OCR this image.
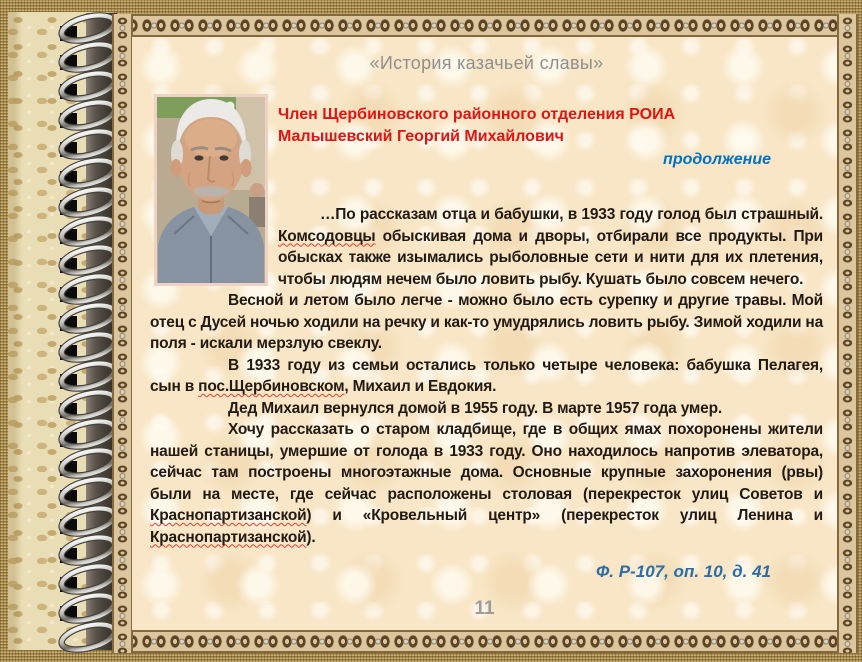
«История казачьей славы»
Член Щербиновского районного отделения РОИА
Малышевский Георгий Михайлович
продолжение

…По рассказам отца и бабушки, в 1933 году голод был страшный. Комсодовцы обыскивая дома и дворы, отбирали все продукты. При обысках также изымались рыболовные сети и нити для их плетения, чтобы людям нечем было ловить рыбу. Кушать было совсем нечего.

Весной и летом было легче - можно было есть сурепку и другие травы. Мой отец с Дусей ночью ходили на речку и как-то умудрялись ловить рыбу. Зимой ходили на поля - искали мерзлую свеклу.

В 1933 году из семьи остались только четыре человека: бабушка Пелагея, сын в пос.Щербиновском, Михаил и Евдокия.

Дед Михаил вернулся домой в 1955 году. В марте 1957 года умер.

Хочу рассказать о старом кладбище, где в общих ямах похоронены жители нашей станицы, умершие от голода в 1933 году. Оно находилось напротив элеватора, сейчас там построены многоэтажные дома. Основные крупные захоронения (рвы) были на месте, где сейчас расположены столовая (перекресток улиц Советов и Краснопартизанской) и «Кровельный центр» (перекресток улиц Ленина и Краснопартизанской).

Ф. Р-107, оп. 10, д. 41
11
